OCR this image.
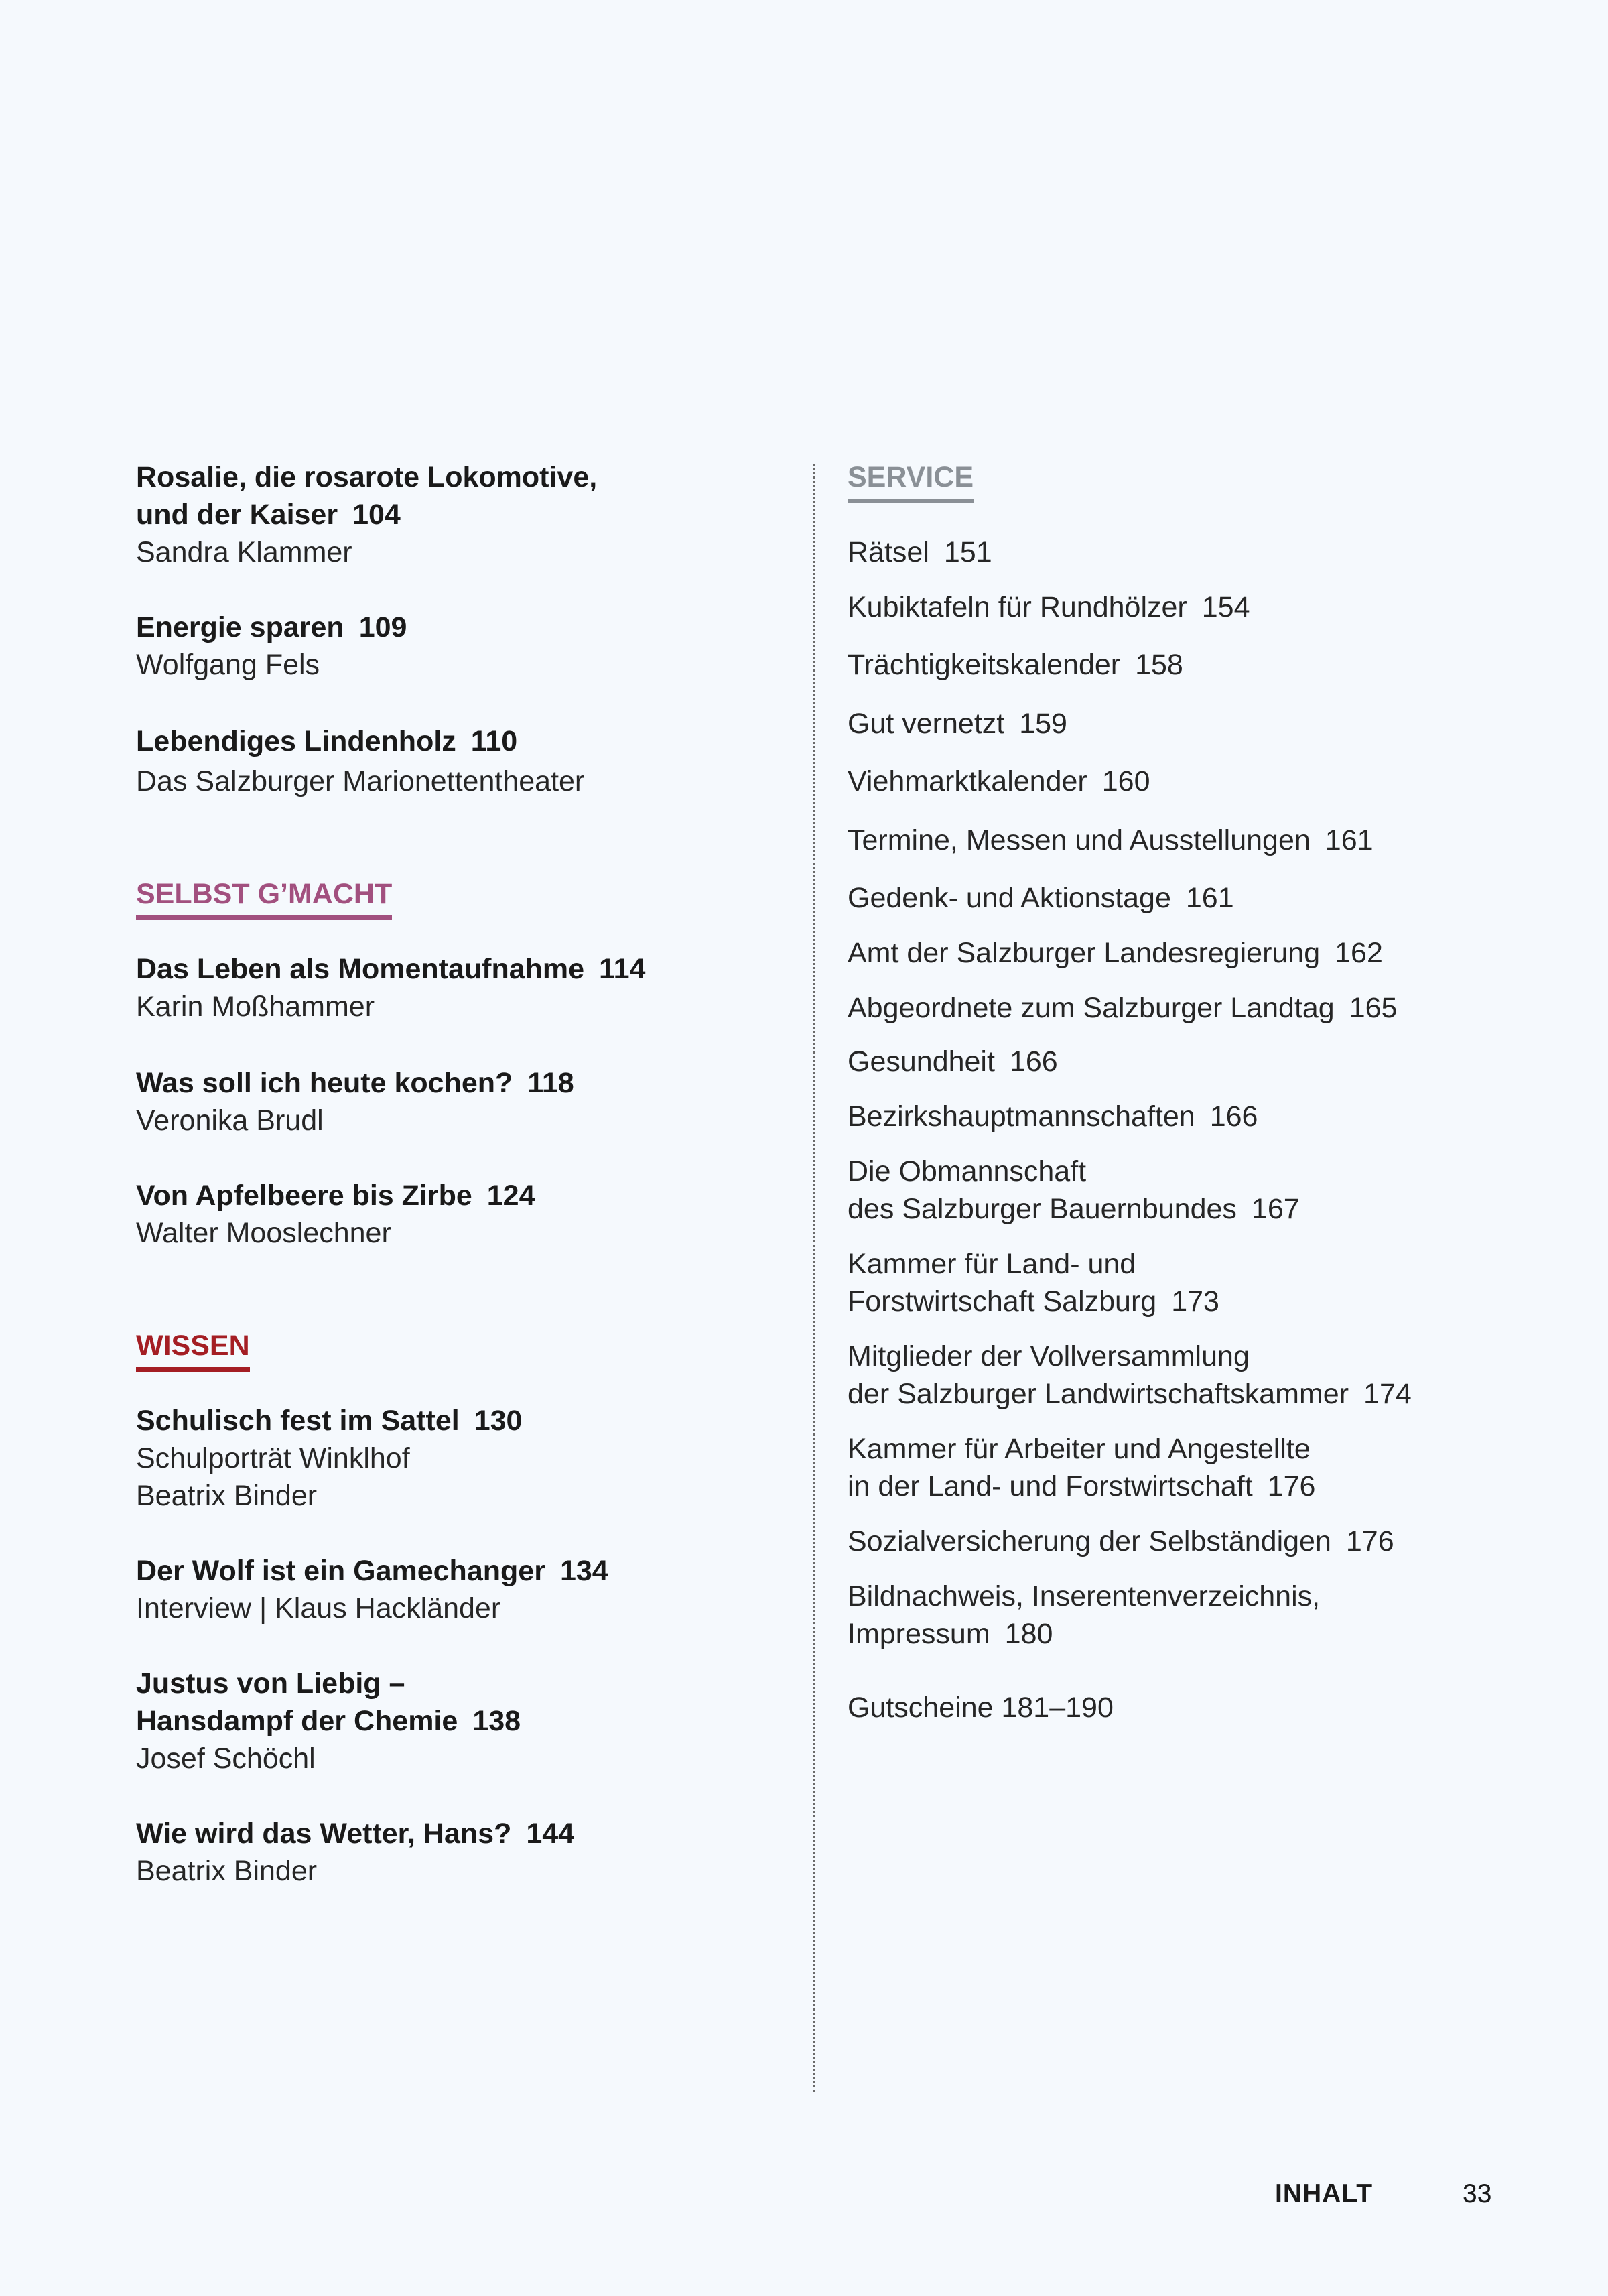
Rosalie, die rosarote Lokomotive,
und der Kaiser 104
Sandra Klammer
Energie sparen 109
Wolfgang Fels
Lebendiges Lindenholz 110
Das Salzburger Marionettentheater
SELBST G’MACHT
Das Leben als Momentaufnahme 114
Karin Moßhammer
Was soll ich heute kochen? 118
Veronika Brudl
Von Apfelbeere bis Zirbe 124
Walter Mooslechner
WISSEN
Schulisch fest im Sattel 130
Schulporträt Winklhof
Beatrix Binder
Der Wolf ist ein Gamechanger 134
Interview | Klaus Hackländer
Justus von Liebig –
Hansdampf der Chemie 138
Josef Schöchl
Wie wird das Wetter, Hans? 144
Beatrix Binder
SERVICE
Rätsel 151
Kubiktafeln für Rundhölzer 154
Trächtigkeitskalender 158
Gut vernetzt 159
Viehmarktkalender 160
Termine, Messen und Ausstellungen 161
Gedenk- und Aktionstage 161
Amt der Salzburger Landesregierung 162
Abgeordnete zum Salzburger Landtag 165
Gesundheit 166
Bezirkshauptmannschaften 166
Die Obmannschaft
des Salzburger Bauernbundes 167
Kammer für Land- und
Forstwirtschaft Salzburg 173
Mitglieder der Vollversammlung
der Salzburger Landwirtschaftskammer 174
Kammer für Arbeiter und Angestellte
in der Land- und Forstwirtschaft 176
Sozialversicherung der Selbständigen 176
Bildnachweis, Inserentenverzeichnis,
Impressum 180
Gutscheine 181–190
INHALT	33
